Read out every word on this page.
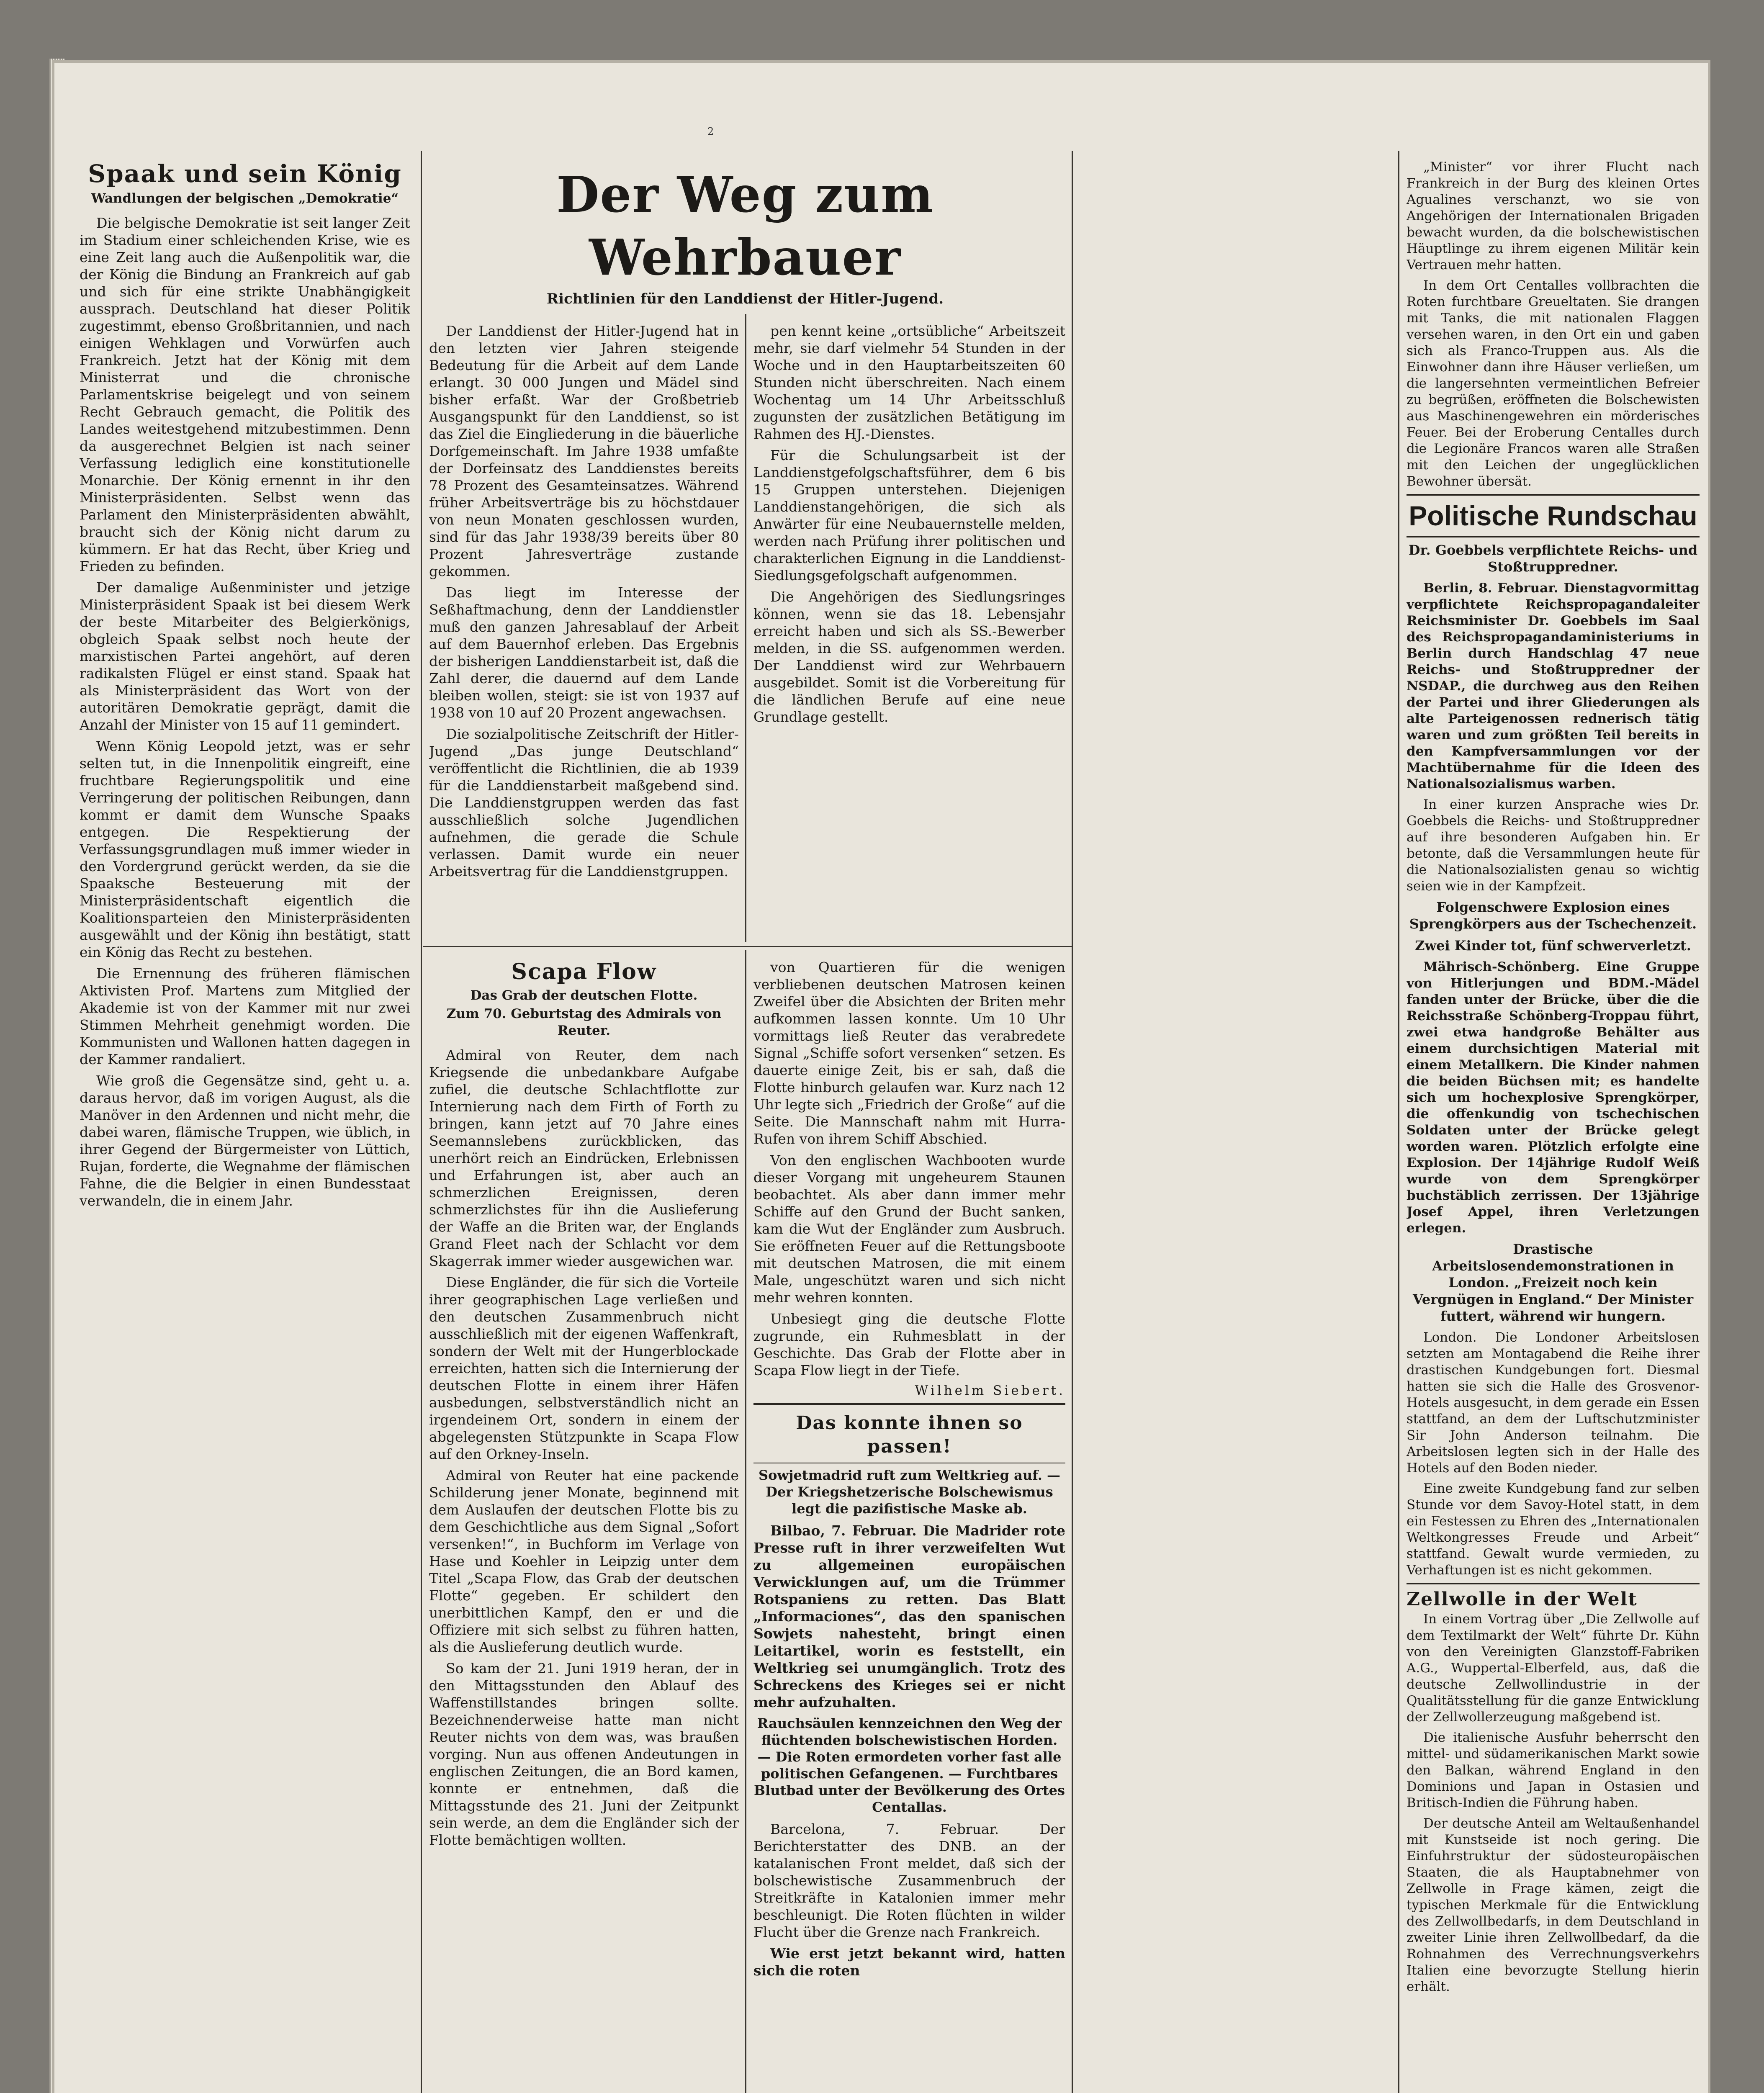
Spaak und sein König
Wandlungen der belgischen „Demokratie“

Die belgische Demokratie ist seit langer Zeit im Stadium einer schleichenden Krise, wie es eine Zeit lang auch die Außenpolitik war, die der König die Bindung an Frankreich auf gab und sich für eine strikte Unabhängigkeit aussprach. Deutschland hat dieser Politik zugestimmt, ebenso Großbritannien, und nach einigen Wehklagen und Vorwürfen auch Frankreich. Jetzt hat der König mit dem Ministerrat und die chronische Parlamentskrise beigelegt und von seinem Recht Gebrauch gemacht, die Politik des Landes weitestgehend mitzubestimmen. Denn da ausgerechnet Belgien ist nach seiner Verfassung lediglich eine konstitutionelle Monarchie. Der König ernennt in ihr den Ministerpräsidenten. Selbst wenn das Parlament den Ministerpräsidenten abwählt, braucht sich der König nicht darum zu kümmern. Er hat das Recht, über Krieg und Frieden zu befinden.

Der damalige Außenminister und jetzige Ministerpräsident Spaak ist bei diesem Werk der beste Mitarbeiter des Belgierkönigs, obgleich Spaak selbst noch heute der marxistischen Partei angehört, auf deren radikalsten Flügel er einst stand. Spaak hat als Ministerpräsident das Wort von der autoritären Demokratie geprägt, damit die Anzahl der Minister von 15 auf 11 gemindert.

Wenn König Leopold jetzt, was er sehr selten tut, in die Innenpolitik eingreift, eine fruchtbare Regierungspolitik und eine Verringerung der politischen Reibungen, dann kommt er damit dem Wunsche Spaaks entgegen. Die Respektierung der Verfassungsgrundlagen muß immer wieder in den Vordergrund gerückt werden, da sie die Spaaksche Besteuerung mit der Ministerpräsidentschaft eigentlich die Koalitionsparteien den Ministerpräsidenten ausgewählt und der König ihn bestätigt, statt ein König das Recht zu bestehen.

Die Ernennung des früheren flämischen Aktivisten Prof. Martens zum Mitglied der Akademie ist von der Kammer mit nur zwei Stimmen Mehrheit genehmigt worden. Die Kommunisten und Wallonen hatten dagegen in der Kammer randaliert.

Wie groß die Gegensätze sind, geht u. a. daraus hervor, daß im vorigen August, als die Manöver in den Ardennen und nicht mehr, die dabei waren, flämische Truppen, wie üblich, in ihrer Gegend der Bürgermeister von Lüttich, Rujan, forderte, die Wegnahme der flämischen Fahne, die die Belgier in einen Bundesstaat verwandeln, die in einem Jahr.

Der Weg zum Wehrbauer
Richtlinien für den Landdienst der Hitler-Jugend.

Der Landdienst der Hitler-Jugend hat in den letzten vier Jahren steigende Bedeutung für die Arbeit auf dem Lande erlangt. 30 000 Jungen und Mädel sind bisher erfaßt. War der Großbetrieb Ausgangspunkt für den Landdienst, so ist das Ziel die Eingliederung in die bäuerliche Dorfgemeinschaft. Im Jahre 1938 umfaßte der Dorfeinsatz des Landdienstes bereits 78 Prozent des Gesamteinsatzes. Während früher Arbeitsverträge bis zu höchstdauer von neun Monaten geschlossen wurden, sind für das Jahr 1938/39 bereits über 80 Prozent Jahresverträge zustande gekommen.

Das liegt im Interesse der Seßhaftmachung, denn der Landdienstler muß den ganzen Jahresablauf der Arbeit auf dem Bauernhof erleben. Das Ergebnis der bisherigen Landdienstarbeit ist, daß die Zahl derer, die dauernd auf dem Lande bleiben wollen, steigt: sie ist von 1937 auf 1938 von 10 auf 20 Prozent angewachsen.

Die sozialpolitische Zeitschrift der Hitler-Jugend „Das junge Deutschland“ veröffentlicht die Richtlinien, die ab 1939 für die Landdienstarbeit maßgebend sind. Die Landdienstgruppen werden das fast ausschließlich solche Jugendlichen aufnehmen, die gerade die Schule verlassen. Damit wurde ein neuer Arbeitsvertrag für die Landdienstgruppen.

pen kennt keine „ortsübliche“ Arbeitszeit mehr, sie darf vielmehr 54 Stunden in der Woche und in den Hauptarbeitszeiten 60 Stunden nicht überschreiten. Nach einem Wochentag um 14 Uhr Arbeitsschluß zugunsten der zusätzlichen Betätigung im Rahmen des HJ.-Dienstes.

Für die Schulungsarbeit ist der Landdienstgefolgschaftsführer, dem 6 bis 15 Gruppen unterstehen. Diejenigen Landdienstangehörigen, die sich als Anwärter für eine Neubauernstelle melden, werden nach Prüfung ihrer politischen und charakterlichen Eignung in die Landdienst-Siedlungsgefolgschaft aufgenommen.

Die Angehörigen des Siedlungsringes können, wenn sie das 18. Lebensjahr erreicht haben und sich als SS.-Bewerber melden, in die SS. aufgenommen werden. Der Landdienst wird zur Wehrbauern ausgebildet. Somit ist die Vorbereitung für die ländlichen Berufe auf eine neue Grundlage gestellt.

Scapa Flow
Das Grab der deutschen Flotte.
Zum 70. Geburtstag des Admirals von Reuter.

Admiral von Reuter, dem nach Kriegsende die unbedankbare Aufgabe zufiel, die deutsche Schlachtflotte zur Internierung nach dem Firth of Forth zu bringen, kann jetzt auf 70 Jahre eines Seemannslebens zurückblicken, das unerhört reich an Eindrücken, Erlebnissen und Erfahrungen ist, aber auch an schmerzlichen Ereignissen, deren schmerzlichstes für ihn die Auslieferung der Waffe an die Briten war, der Englands Grand Fleet nach der Schlacht vor dem Skagerrak immer wieder ausgewichen war.

Diese Engländer, die für sich die Vorteile ihrer geographischen Lage verließen und den deutschen Zusammenbruch nicht ausschließlich mit der eigenen Waffenkraft, sondern der Welt mit der Hungerblockade erreichten, hatten sich die Internierung der deutschen Flotte in einem ihrer Häfen ausbedungen, selbstverständlich nicht an irgendeinem Ort, sondern in einem der abgelegensten Stützpunkte in Scapa Flow auf den Orkney-Inseln.

Admiral von Reuter hat eine packende Schilderung jener Monate, beginnend mit dem Auslaufen der deutschen Flotte bis zu dem Geschichtliche aus dem Signal „Sofort versenken!“, in Buchform im Verlage von Hase und Koehler in Leipzig unter dem Titel „Scapa Flow, das Grab der deutschen Flotte“ gegeben. Er schildert den unerbittlichen Kampf, den er und die Offiziere mit sich selbst zu führen hatten, als die Auslieferung deutlich wurde.

So kam der 21. Juni 1919 heran, der in den Mittagsstunden den Ablauf des Waffenstillstandes bringen sollte. Bezeichnenderweise hatte man nicht Reuter nichts von dem was, was braußen vorging. Nun aus offenen Andeutungen in englischen Zeitungen, die an Bord kamen, konnte er entnehmen, daß die Mittagsstunde des 21. Juni der Zeitpunkt sein werde, an dem die Engländer sich der Flotte bemächtigen wollten.

von Quartieren für die wenigen verbliebenen deutschen Matrosen keinen Zweifel über die Absichten der Briten mehr aufkommen lassen konnte. Um 10 Uhr vormittags ließ Reuter das verabredete Signal „Schiffe sofort versenken“ setzen. Es dauerte einige Zeit, bis er sah, daß die Flotte hinburch gelaufen war. Kurz nach 12 Uhr legte sich „Friedrich der Große“ auf die Seite. Die Mannschaft nahm mit Hurra-Rufen von ihrem Schiff Abschied.

Von den englischen Wachbooten wurde dieser Vorgang mit ungeheurem Staunen beobachtet. Als aber dann immer mehr Schiffe auf den Grund der Bucht sanken, kam die Wut der Engländer zum Ausbruch. Sie eröffneten Feuer auf die Rettungsboote mit deutschen Matrosen, die mit einem Male, ungeschützt waren und sich nicht mehr wehren konnten.

Unbesiegt ging die deutsche Flotte zugrunde, ein Ruhmesblatt in der Geschichte. Das Grab der Flotte aber in Scapa Flow liegt in der Tiefe.

Wilhelm Siebert.
Das konnte ihnen so passen!
Sowjetmadrid ruft zum Weltkrieg auf. — Der Kriegshetzerische Bolschewismus legt die pazifistische Maske ab.

Bilbao, 7. Februar. Die Madrider rote Presse ruft in ihrer verzweifelten Wut zu allgemeinen europäischen Verwicklungen auf, um die Trümmer Rotspaniens zu retten. Das Blatt „Informaciones“, das den spanischen Sowjets nahesteht, bringt einen Leitartikel, worin es feststellt, ein Weltkrieg sei unumgänglich. Trotz des Schreckens des Krieges sei er nicht mehr aufzuhalten.

Rauchsäulen kennzeichnen den Weg der flüchtenden bolschewistischen Horden. — Die Roten ermordeten vorher fast alle politischen Gefangenen. — Furchtbares Blutbad unter der Bevölkerung des Ortes Centallas.

Barcelona, 7. Februar. Der Berichterstatter des DNB. an der katalanischen Front meldet, daß sich der bolschewistische Zusammenbruch der Streitkräfte in Katalonien immer mehr beschleunigt. Die Roten flüchten in wilder Flucht über die Grenze nach Frankreich.

Wie erst jetzt bekannt wird, hatten sich die roten

„Minister“ vor ihrer Flucht nach Frankreich in der Burg des kleinen Ortes Agualines verschanzt, wo sie von Angehörigen der Internationalen Brigaden bewacht wurden, da die bolschewistischen Häuptlinge zu ihrem eigenen Militär kein Vertrauen mehr hatten.

In dem Ort Centalles vollbrachten die Roten furchtbare Greueltaten. Sie drangen mit Tanks, die mit nationalen Flaggen versehen waren, in den Ort ein und gaben sich als Franco-Truppen aus. Als die Einwohner dann ihre Häuser verließen, um die langersehnten vermeintlichen Befreier zu begrüßen, eröffneten die Bolschewisten aus Maschinengewehren ein mörderisches Feuer. Bei der Eroberung Centalles durch die Legionäre Francos waren alle Straßen mit den Leichen der ungeglücklichen Bewohner übersät.

Politische Rundschau
Dr. Goebbels verpflichtete Reichs- und Stoßtruppredner.

Berlin, 8. Februar. Dienstagvormittag verpflichtete Reichspropagandaleiter Reichsminister Dr. Goebbels im Saal des Reichspropagandaministeriums in Berlin durch Handschlag 47 neue Reichs- und Stoßtruppredner der NSDAP., die durchweg aus den Reihen der Partei und ihrer Gliederungen als alte Parteigenossen rednerisch tätig waren und zum größten Teil bereits in den Kampfversammlungen vor der Machtübernahme für die Ideen des Nationalsozialismus warben.

In einer kurzen Ansprache wies Dr. Goebbels die Reichs- und Stoßtruppredner auf ihre besonderen Aufgaben hin. Er betonte, daß die Versammlungen heute für die Nationalsozialisten genau so wichtig seien wie in der Kampfzeit.

Folgenschwere Explosion eines Sprengkörpers aus der Tschechenzeit.
Zwei Kinder tot, fünf schwerverletzt.

Mährisch-Schönberg. Eine Gruppe von Hitlerjungen und BDM.-Mädel fanden unter der Brücke, über die die Reichsstraße Schönberg-Troppau führt, zwei etwa handgroße Behälter aus einem durchsichtigen Material mit einem Metallkern. Die Kinder nahmen die beiden Büchsen mit; es handelte sich um hochexplosive Sprengkörper, die offenkundig von tschechischen Soldaten unter der Brücke gelegt worden waren. Plötzlich erfolgte eine Explosion. Der 14jährige Rudolf Weiß wurde von dem Sprengkörper buchstäblich zerrissen. Der 13jährige Josef Appel, ihren Verletzungen erlegen.

Drastische Arbeitslosendemonstrationen in London. „Freizeit noch kein Vergnügen in England.“ Der Minister futtert, während wir hungern.

London. Die Londoner Arbeitslosen setzten am Montagabend die Reihe ihrer drastischen Kundgebungen fort. Diesmal hatten sie sich die Halle des Grosvenor-Hotels ausgesucht, in dem gerade ein Essen stattfand, an dem der Luftschutzminister Sir John Anderson teilnahm. Die Arbeitslosen legten sich in der Halle des Hotels auf den Boden nieder.

Eine zweite Kundgebung fand zur selben Stunde vor dem Savoy-Hotel statt, in dem ein Festessen zu Ehren des „Internationalen Weltkongresses Freude und Arbeit“ stattfand. Gewalt wurde vermieden, zu Verhaftungen ist es nicht gekommen.

Zellwolle in der Welt

In einem Vortrag über „Die Zellwolle auf dem Textilmarkt der Welt“ führte Dr. Kühn von den Vereinigten Glanzstoff-Fabriken A.G., Wuppertal-Elberfeld, aus, daß die deutsche Zellwollindustrie in der Qualitätsstellung für die ganze Entwicklung der Zellwollerzeugung maßgebend ist.

Die italienische Ausfuhr beherrscht den mittel- und südamerikanischen Markt sowie den Balkan, während England in den Dominions und Japan in Ostasien und Britisch-Indien die Führung haben.

Der deutsche Anteil am Weltaußenhandel mit Kunstseide ist noch gering. Die Einfuhrstruktur der südosteuropäischen Staaten, die als Hauptabnehmer von Zellwolle in Frage kämen, zeigt die typischen Merkmale für die Entwicklung des Zellwollbedarfs, in dem Deutschland in zweiter Linie ihren Zellwollbedarf, da die Rohnahmen des Verrechnungsverkehrs Italien eine bevorzugte Stellung hierin erhält.

2
